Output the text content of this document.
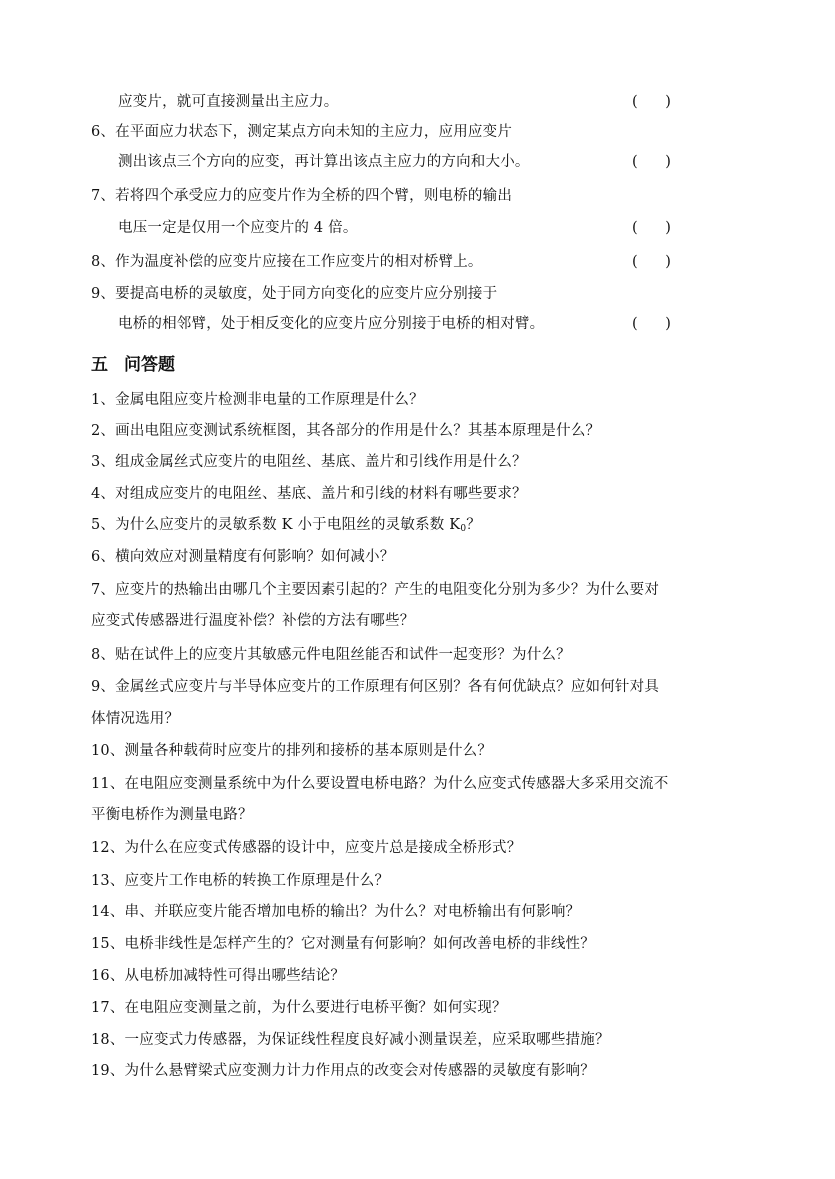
应变片，就可直接测量出主应力。	(      )
6、在平面应力状态下，测定某点方向未知的主应力，应用应变片
测出该点三个方向的应变，再计算出该点主应力的方向和大小。	(      )
7、若将四个承受应力的应变片作为全桥的四个臂，则电桥的输出
电压一定是仅用一个应变片的 4 倍。	(      )
8、作为温度补偿的应变片应接在工作应变片的相对桥臂上。	(      )
9、要提高电桥的灵敏度，处于同方向变化的应变片应分别接于
电桥的相邻臂，处于相反变化的应变片应分别接于电桥的相对臂。	(      )
五 问答题
1、金属电阻应变片检测非电量的工作原理是什么？
2、画出电阻应变测试系统框图，其各部分的作用是什么？其基本原理是什么？
3、组成金属丝式应变片的电阻丝、基底、盖片和引线作用是什么？
4、对组成应变片的电阻丝、基底、盖片和引线的材料有哪些要求？
5、为什么应变片的灵敏系数 K 小于电阻丝的灵敏系数 $K_0$？
6、横向效应对测量精度有何影响？如何减小？
7、应变片的热输出由哪几个主要因素引起的？产生的电阻变化分别为多少？为什么要对
应变式传感器进行温度补偿？补偿的方法有哪些？
8、贴在试件上的应变片其敏感元件电阻丝能否和试件一起变形？为什么？
9、金属丝式应变片与半导体应变片的工作原理有何区别？各有何优缺点？应如何针对具
体情况选用？
10、测量各种载荷时应变片的排列和接桥的基本原则是什么？
11、在电阻应变测量系统中为什么要设置电桥电路？为什么应变式传感器大多采用交流不
平衡电桥作为测量电路？
12、为什么在应变式传感器的设计中，应变片总是接成全桥形式？
13、应变片工作电桥的转换工作原理是什么？
14、串、并联应变片能否增加电桥的输出？为什么？对电桥输出有何影响？
15、电桥非线性是怎样产生的？它对测量有何影响？如何改善电桥的非线性？
16、从电桥加减特性可得出哪些结论？
17、在电阻应变测量之前，为什么要进行电桥平衡？如何实现？
18、一应变式力传感器，为保证线性程度良好减小测量误差，应采取哪些措施？
19、为什么悬臂梁式应变测力计力作用点的改变会对传感器的灵敏度有影响？
